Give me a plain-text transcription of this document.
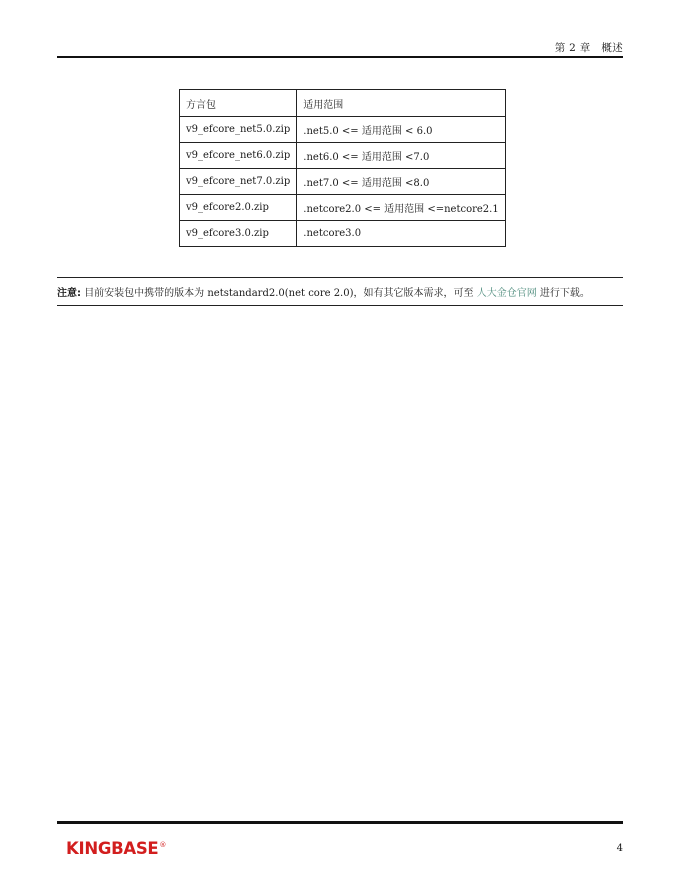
第 2 章　概述
方言包	适用范围
v9_efcore_net5.0.zip	.net5.0 <= 适用范围 < 6.0
v9_efcore_net6.0.zip	.net6.0 <= 适用范围 <7.0
v9_efcore_net7.0.zip	.net7.0 <= 适用范围 <8.0
v9_efcore2.0.zip	.netcore2.0 <= 适用范围 <=netcore2.1
v9_efcore3.0.zip	.netcore3.0
注意: 目前安装包中携带的版本为 netstandard2.0(net core 2.0)，如有其它版本需求，可至 人大金仓官网 进行下载。
KINGBASE ®	4
